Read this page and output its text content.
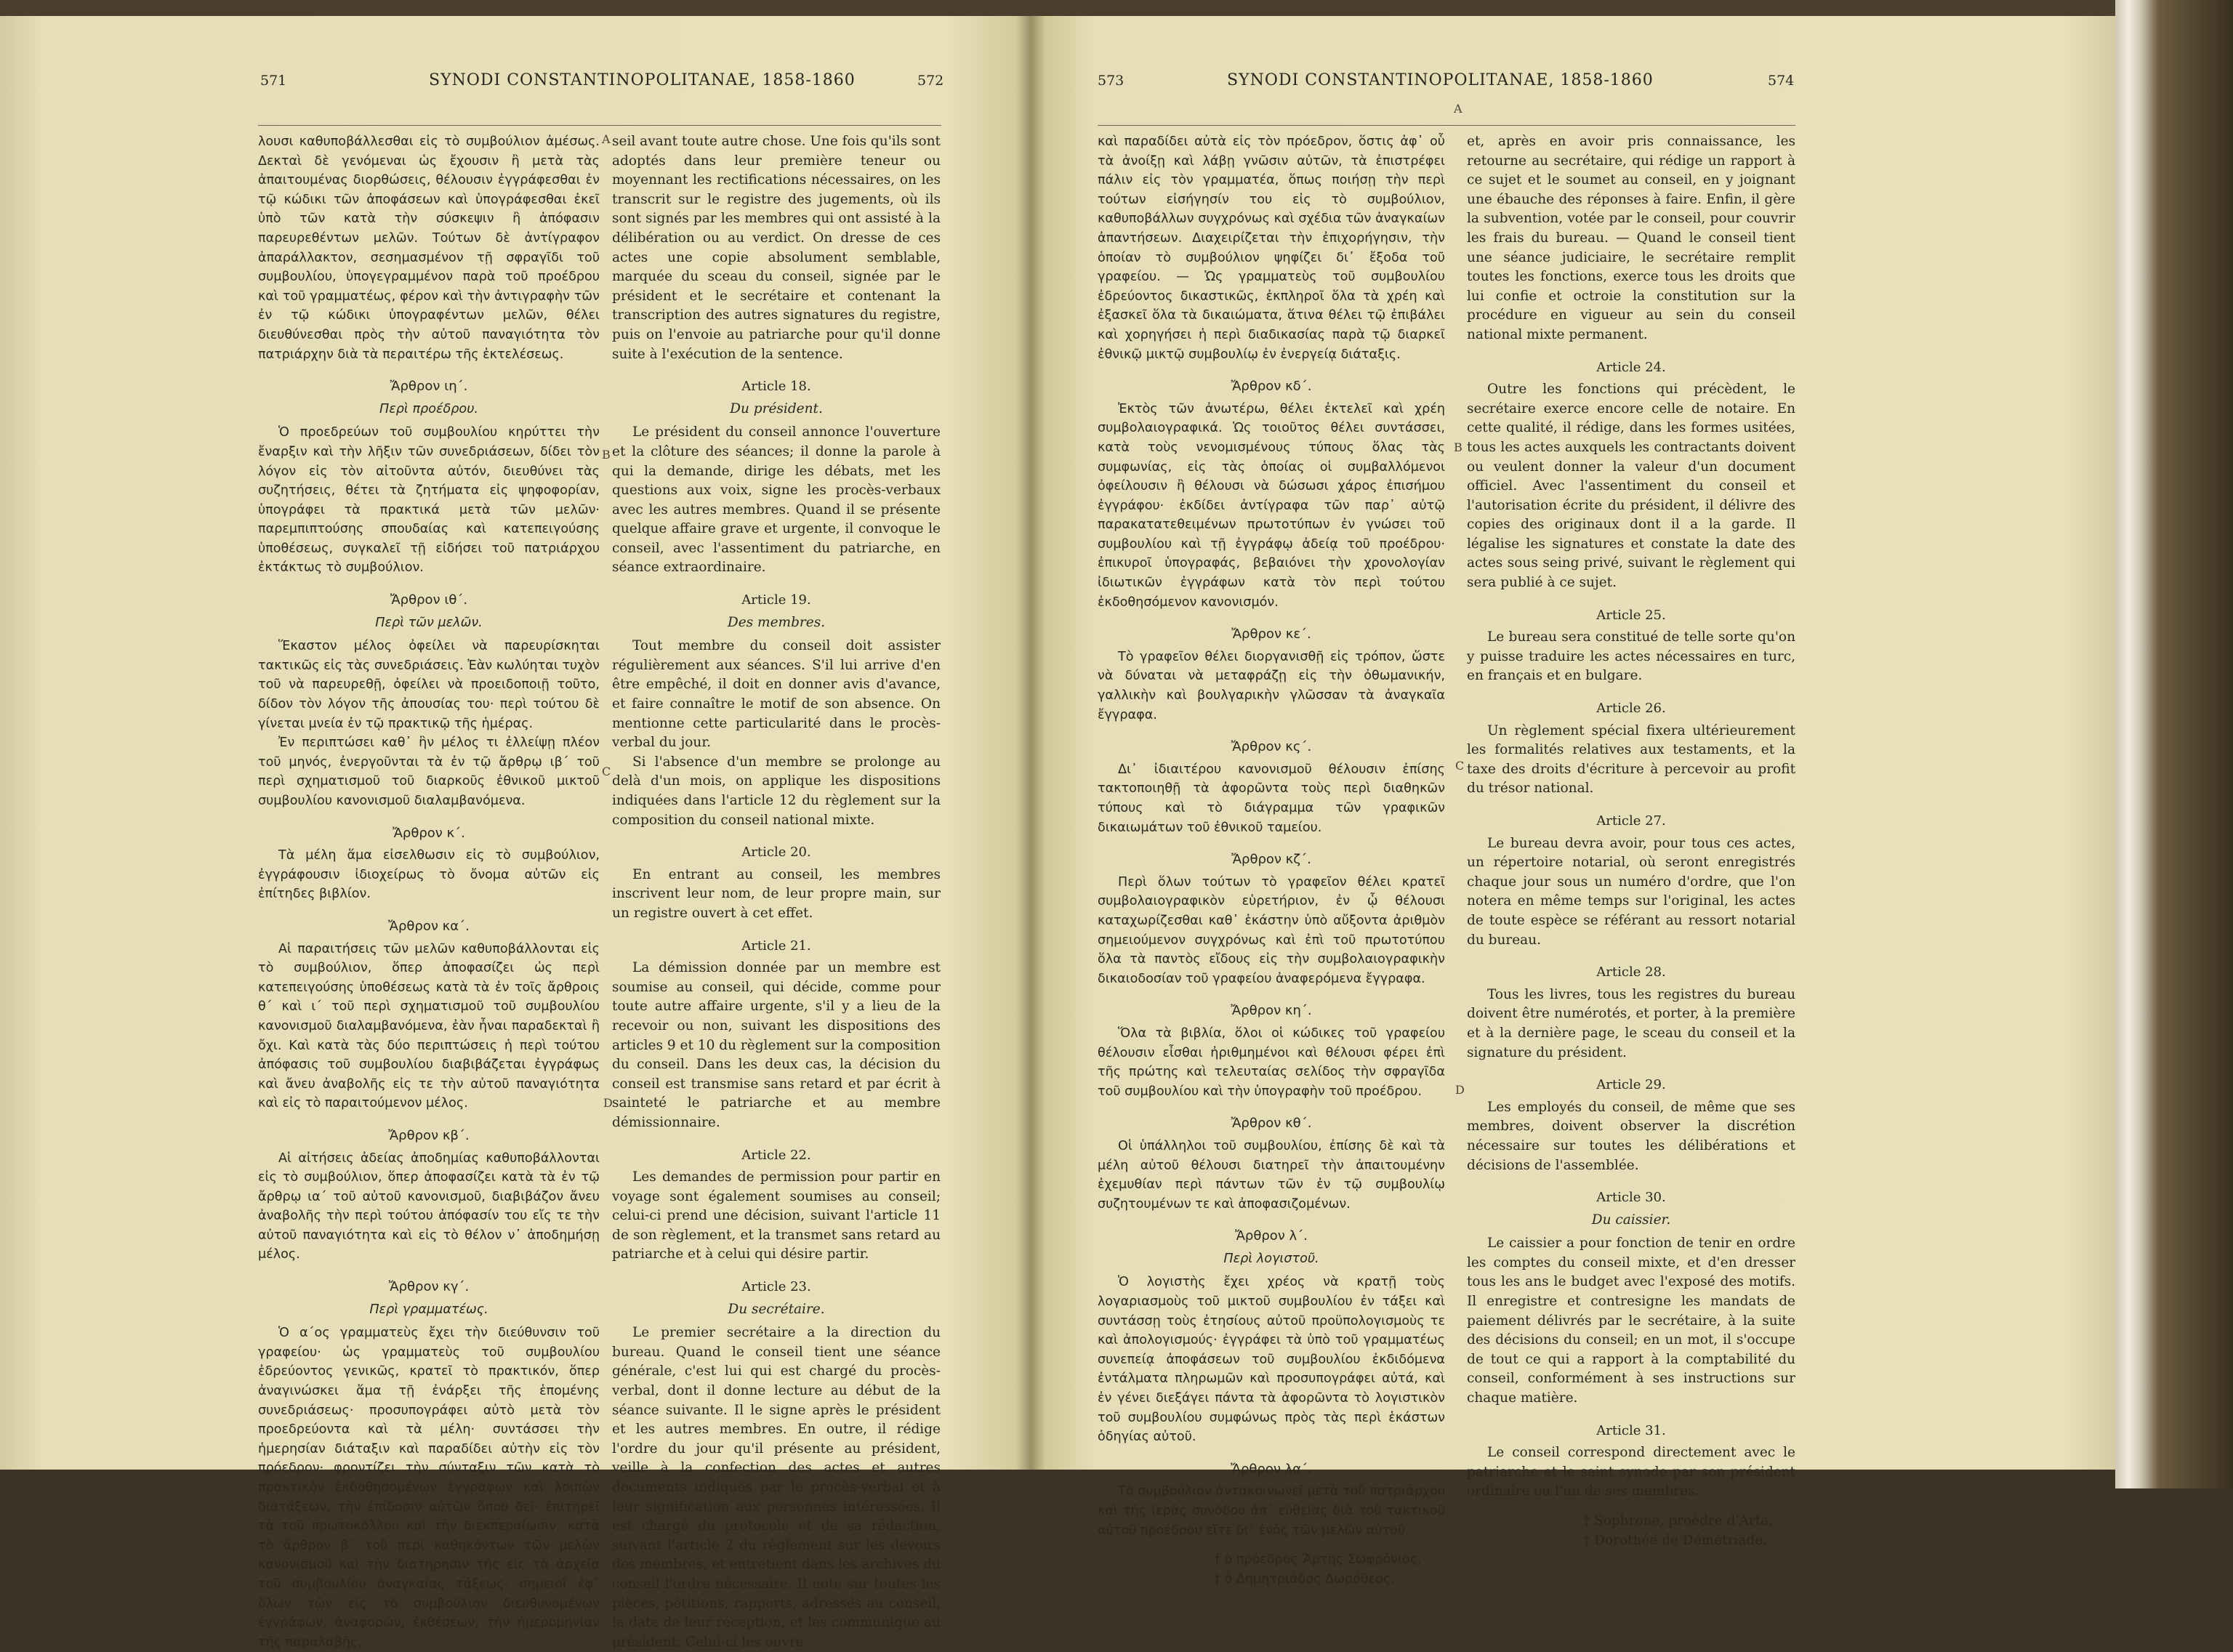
571	SYNODI CONSTANTINOPOLITANAE, 1858-1860	572

λουσι καθυποβάλλεσθαι εἰς τὸ συμβούλιον ἀμέσως. Δεκταὶ δὲ γενόμεναι ὡς ἔχουσιν ἢ μετὰ τὰς ἀπαιτουμένας διορθώσεις, θέλουσιν ἐγγράφεσθαι ἐν τῷ κώδικι τῶν ἀποφάσεων καὶ ὑπογράφεσθαι ἐκεῖ ὑπὸ τῶν κατὰ τὴν σύσκεψιν ἢ ἀπόφασιν παρευρεθέντων μελῶν. Τούτων δὲ ἀντίγραφον ἀπαράλλακτον, σεσημασμένον τῇ σφραγῖδι τοῦ συμβουλίου, ὑπογεγραμμένον παρὰ τοῦ προέδρου καὶ τοῦ γραμματέως, φέρον καὶ τὴν ἀντιγραφὴν τῶν ἐν τῷ κώδικι ὑπογραφέντων μελῶν, θέλει διευθύνεσθαι πρὸς τὴν αὐτοῦ παναγιότητα τὸν πατριάρχην διὰ τὰ περαιτέρω τῆς ἐκτελέσεως.

Ἄρθρον ιη΄.
Περὶ προέδρου.

Ὁ προεδρεύων τοῦ συμβουλίου κηρύττει τὴν ἔναρξιν καὶ τὴν λῆξιν τῶν συνεδριάσεων, δίδει τὸν λόγον εἰς τὸν αἰτοῦντα αὐτόν, διευθύνει τὰς συζητήσεις, θέτει τὰ ζητήματα εἰς ψηφοφορίαν, ὑπογράφει τὰ πρακτικά μετὰ τῶν μελῶν· παρεμπιπτούσης σπουδαίας καὶ κατεπειγούσης ὑποθέσεως, συγκαλεῖ τῇ εἰδήσει τοῦ πατριάρχου ἐκτάκτως τὸ συμβούλιον.

Ἄρθρον ιθ΄.
Περὶ τῶν μελῶν.

Ἕκαστον μέλος ὀφείλει νὰ παρευρίσκηται τακτικῶς εἰς τὰς συνεδριάσεις. Ἐὰν κωλύηται τυχὸν τοῦ νὰ παρευρεθῇ, ὀφείλει νὰ προειδοποιῇ τοῦτο, δίδον τὸν λόγον τῆς ἀπουσίας του· περὶ τούτου δὲ γίνεται μνεία ἐν τῷ πρακτικῷ τῆς ἡμέρας.

Ἐν περιπτώσει καθ᾿ ἣν μέλος τι ἐλλείψῃ πλέον τοῦ μηνός, ἐνεργοῦνται τὰ ἐν τῷ ἄρθρῳ ιβ΄ τοῦ περὶ σχηματισμοῦ τοῦ διαρκοῦς ἐθνικοῦ μικτοῦ συμβουλίου κανονισμοῦ διαλαμβανόμενα.

Ἄρθρον κ΄.

Τὰ μέλη ἅμα εἰσελθωσιν εἰς τὸ συμβούλιον, ἐγγράφουσιν ἰδιοχείρως τὸ ὄνομα αὐτῶν εἰς ἐπίτηδες βιβλίον.

Ἄρθρον κα΄.

Αἱ παραιτήσεις τῶν μελῶν καθυποβάλλονται εἰς τὸ συμβούλιον, ὅπερ ἀποφασίζει ὡς περὶ κατεπειγούσης ὑποθέσεως κατὰ τὰ ἐν τοῖς ἄρθροις θ΄ καὶ ι΄ τοῦ περὶ σχηματισμοῦ τοῦ συμβουλίου κανονισμοῦ διαλαμβανόμενα, ἐὰν ἦναι παραδεκταὶ ἢ ὄχι. Καὶ κατὰ τὰς δύο περιπτώσεις ἡ περὶ τούτου ἀπόφασις τοῦ συμβουλίου διαβιβάζεται ἐγγράφως καὶ ἄνευ ἀναβολῆς εἰς τε τὴν αὐτοῦ παναγιότητα καὶ εἰς τὸ παραιτούμενον μέλος.

Ἄρθρον κβ΄.

Αἱ αἰτήσεις ἀδείας ἀποδημίας καθυποβάλλονται εἰς τὸ συμβούλιον, ὅπερ ἀποφασίζει κατὰ τὰ ἐν τῷ ἄρθρῳ ια΄ τοῦ αὐτοῦ κανονισμοῦ, διαβιβάζον ἄνευ ἀναβολῆς τὴν περὶ τούτου ἀπόφασίν του εἴς τε τὴν αὐτοῦ παναγιότητα καὶ εἰς τὸ θέλον ν᾿ ἀποδημήσῃ μέλος.

Ἄρθρον κγ΄.
Περὶ γραμματέως.

Ὁ α΄ος γραμματεὺς ἔχει τὴν διεύθυνσιν τοῦ γραφείου· ὡς γραμματεὺς τοῦ συμβουλίου ἐδρεύοντος γενικῶς, κρατεῖ τὸ πρακτικόν, ὅπερ ἀναγινώσκει ἅμα τῇ ἐνάρξει τῆς ἑπομένης συνεδριάσεως· προσυπογράφει αὐτὸ μετὰ τὸν προεδρεύοντα καὶ τὰ μέλη· συντάσσει τὴν ἡμερησίαν διάταξιν καὶ παραδίδει αὐτὴν εἰς τὸν πρόεδρον· φροντίζει τὴν σύνταξιν τῶν κατὰ τὸ πρακτικὸν ἐκδοθησομένων ἐγγράφων καὶ λοιπῶν διατάξεων, τὴν ἐπίδοσιν αὐτῶν ὅπου δεῖ· ἐπιτηρεῖ τὰ τοῦ πρωτοκόλλου καὶ τὴν διεκπεραίωσιν, κατὰ τὸ ἄρθρον β΄ τοῦ περὶ καθηκόντων τῶν μελῶν κανονισμοῦ καὶ τὴν διατήρησιν τῆς εἰς τὰ ἀρχεῖα τοῦ συμβουλίου ἀναγκαίας τάξεως· σημειοῖ ἐφ᾿ ὅλων τῶν εἰς τὸ συμβούλιον διευθυνομένων ἐγγράφων, ἀναφορῶν, ἐκθέσεων, τὴν ἡμερομηνίαν τῆς παραλαβῆς,

seil avant toute autre chose. Une fois qu'ils sont adoptés dans leur première teneur ou moyennant les rectifications nécessaires, on les transcrit sur le registre des jugements, où ils sont signés par les membres qui ont assisté à la délibération ou au verdict. On dresse de ces actes une copie absolument semblable, marquée du sceau du conseil, signée par le président et le secrétaire et contenant la transcription des autres signatures du registre, puis on l'envoie au patriarche pour qu'il donne suite à l'exécution de la sentence.

Article 18.
Du président.

Le président du conseil annonce l'ouverture et la clôture des séances; il donne la parole à qui la demande, dirige les débats, met les questions aux voix, signe les procès-verbaux avec les autres membres. Quand il se présente quelque affaire grave et urgente, il convoque le conseil, avec l'assentiment du patriarche, en séance extraordinaire.

Article 19.
Des membres.

Tout membre du conseil doit assister régulièrement aux séances. S'il lui arrive d'en être empêché, il doit en donner avis d'avance, et faire connaître le motif de son absence. On mentionne cette particularité dans le procès-verbal du jour.

Si l'absence d'un membre se prolonge au delà d'un mois, on applique les dispositions indiquées dans l'article 12 du règlement sur la composition du conseil national mixte.

Article 20.

En entrant au conseil, les membres inscrivent leur nom, de leur propre main, sur un registre ouvert à cet effet.

Article 21.

La démission donnée par un membre est soumise au conseil, qui décide, comme pour toute autre affaire urgente, s'il y a lieu de la recevoir ou non, suivant les dispositions des articles 9 et 10 du règlement sur la composition du conseil. Dans les deux cas, la décision du conseil est transmise sans retard et par écrit à sainteté le patriarche et au membre démissionnaire.

Article 22.

Les demandes de permission pour partir en voyage sont également soumises au conseil; celui-ci prend une décision, suivant l'article 11 de son règlement, et la transmet sans retard au patriarche et à celui qui désire partir.

Article 23.
Du secrétaire.

Le premier secrétaire a la direction du bureau. Quand le conseil tient une séance générale, c'est lui qui est chargé du procès-verbal, dont il donne lecture au début de la séance suivante. Il le signe après le président et les autres membres. En outre, il rédige l'ordre du jour qu'il présente au président, veille à la confection des actes et autres documents indiqués par le procès-verbal et à leur signification aux personnes intéressées. Il est chargé du protocole et de sa rédaction, suivant l'article 2 du règlement sur les devoirs des membres, et entretient dans les archives du conseil l'ordre nécessaire. Il note sur toutes les pièces, pétitions, rapports, adressés au conseil, la date de leur réception, et les communique au président. Celui-ci les ouvre

A
B
C
D
573	SYNODI CONSTANTINOPOLITANAE, 1858-1860	574

καὶ παραδίδει αὐτὰ εἰς τὸν πρόεδρον, ὅστις ἀφ᾿ οὗ τὰ ἀνοίξῃ καὶ λάβῃ γνῶσιν αὐτῶν, τὰ ἐπιστρέφει πάλιν εἰς τὸν γραμματέα, ὅπως ποιήσῃ τὴν περὶ τούτων εἰσήγησίν του εἰς τὸ συμβούλιον, καθυποβάλλων συγχρόνως καὶ σχέδια τῶν ἀναγκαίων ἀπαντήσεων. Διαχειρίζεται τὴν ἐπιχορήγησιν, τὴν ὁποίαν τὸ συμβούλιον ψηφίζει δι᾿ ἔξοδα τοῦ γραφείου. — Ὡς γραμματεὺς τοῦ συμβουλίου ἐδρεύοντος δικαστικῶς, ἐκπληροῖ ὅλα τὰ χρέη καὶ ἐξασκεῖ ὅλα τὰ δικαιώματα, ἅτινα θέλει τῷ ἐπιβάλει καὶ χορηγήσει ἡ περὶ διαδικασίας παρὰ τῷ διαρκεῖ ἐθνικῷ μικτῷ συμβουλίῳ ἐν ἐνεργείᾳ διάταξις.

Ἄρθρον κδ΄.

Ἐκτὸς τῶν ἀνωτέρω, θέλει ἐκτελεῖ καὶ χρέη συμβολαιογραφικά. Ὡς τοιοῦτος θέλει συντάσσει, κατὰ τοὺς νενομισμένους τύπους ὅλας τὰς συμφωνίας, εἰς τὰς ὁποίας οἱ συμβαλλόμενοι ὀφείλουσιν ἢ θέλουσι νὰ δώσωσι χάρος ἐπισήμου ἐγγράφου· ἐκδίδει ἀντίγραφα τῶν παρ᾿ αὐτῷ παρακατατεθειμένων πρωτοτύπων ἐν γνώσει τοῦ συμβουλίου καὶ τῇ ἐγγράφῳ ἀδείᾳ τοῦ προέδρου· ἐπικυροῖ ὑπογραφάς, βεβαιόνει τὴν χρονολογίαν ἰδιωτικῶν ἐγγράφων κατὰ τὸν περὶ τούτου ἐκδοθησόμενον κανονισμόν.

Ἄρθρον κε΄.

Τὸ γραφεῖον θέλει διοργανισθῇ εἰς τρόπον, ὥστε νὰ δύναται νὰ μεταφράζῃ εἰς τὴν ὀθωμανικήν, γαλλικὴν καὶ βουλγαρικὴν γλῶσσαν τὰ ἀναγκαῖα ἔγγραφα.

Ἄρθρον κς΄.

Δι᾿ ἰδιαιτέρου κανονισμοῦ θέλουσιν ἐπίσης τακτοποιηθῇ τὰ ἀφορῶντα τοὺς περὶ διαθηκῶν τύπους καὶ τὸ διάγραμμα τῶν γραφικῶν δικαιωμάτων τοῦ ἐθνικοῦ ταμείου.

Ἄρθρον κζ΄.

Περὶ ὅλων τούτων τὸ γραφεῖον θέλει κρατεῖ συμβολαιογραφικὸν εὑρετήριον, ἐν ᾧ θέλουσι καταχωρίζεσθαι καθ᾿ ἑκάστην ὑπὸ αὔξοντα ἀριθμὸν σημειούμενον συγχρόνως καὶ ἐπὶ τοῦ πρωτοτύπου ὅλα τὰ παντὸς εἴδους εἰς τὴν συμβολαιογραφικὴν δικαιοδοσίαν τοῦ γραφείου ἀναφερόμενα ἔγγραφα.

Ἄρθρον κη΄.

Ὅλα τὰ βιβλία, ὅλοι οἱ κώδικες τοῦ γραφείου θέλουσιν εἶσθαι ἠριθμημένοι καὶ θέλουσι φέρει ἐπὶ τῆς πρώτης καὶ τελευταίας σελίδος τὴν σφραγῖδα τοῦ συμβουλίου καὶ τὴν ὑπογραφὴν τοῦ προέδρου.

Ἄρθρον κθ΄.

Οἱ ὑπάλληλοι τοῦ συμβουλίου, ἐπίσης δὲ καὶ τὰ μέλη αὐτοῦ θέλουσι διατηρεῖ τὴν ἀπαιτουμένην ἐχεμυθίαν περὶ πάντων τῶν ἐν τῷ συμβουλίῳ συζητουμένων τε καὶ ἀποφασιζομένων.

Ἄρθρον λ΄.
Περὶ λογιστοῦ.

Ὁ λογιστὴς ἔχει χρέος νὰ κρατῇ τοὺς λογαριασμοὺς τοῦ μικτοῦ συμβουλίου ἐν τάξει καὶ συντάσσῃ τοὺς ἐτησίους αὐτοῦ προϋπολογισμοὺς τε καὶ ἀπολογισμούς· ἐγγράφει τὰ ὑπὸ τοῦ γραμματέως συνεπείᾳ ἀποφάσεων τοῦ συμβουλίου ἐκδιδόμενα ἐντάλματα πληρωμῶν καὶ προσυπογράφει αὐτά, καὶ ἐν γένει διεξάγει πάντα τὰ ἀφορῶντα τὸ λογιστικὸν τοῦ συμβουλίου συμφώνως πρὸς τὰς περὶ ἑκάστων ὁδηγίας αὐτοῦ.

Ἄρθρον λα΄.

Τὸ συμβούλιον ἀντακοινωνεῖ μετὰ τοῦ πατριάρχου καὶ τῆς ἱερᾶς συνόδου ἀπ᾿ εὐθείας διὰ τοῦ τακτικοῦ αὐτοῦ προέδρου εἴτε δι᾿ ἑνὸς τῶν μελῶν αὐτοῦ.

† ὁ πρόεδρος Ἄρτης Σωφρόνιος.
† ὁ Δημητριάδος Δωρόθεος.

et, après en avoir pris connaissance, les retourne au secrétaire, qui rédige un rapport à ce sujet et le soumet au conseil, en y joignant une ébauche des réponses à faire. Enfin, il gère la subvention, votée par le conseil, pour couvrir les frais du bureau. — Quand le conseil tient une séance judiciaire, le secrétaire remplit toutes les fonctions, exerce tous les droits que lui confie et octroie la constitution sur la procédure en vigueur au sein du conseil national mixte permanent.

Article 24.

Outre les fonctions qui précèdent, le secrétaire exerce encore celle de notaire. En cette qualité, il rédige, dans les formes usitées, tous les actes auxquels les contractants doivent ou veulent donner la valeur d'un document officiel. Avec l'assentiment du conseil et l'autorisation écrite du président, il délivre des copies des originaux dont il a la garde. Il légalise les signatures et constate la date des actes sous seing privé, suivant le règlement qui sera publié à ce sujet.

Article 25.

Le bureau sera constitué de telle sorte qu'on y puisse traduire les actes nécessaires en turc, en français et en bulgare.

Article 26.

Un règlement spécial fixera ultérieurement les formalités relatives aux testaments, et la taxe des droits d'écriture à percevoir au profit du trésor national.

Article 27.

Le bureau devra avoir, pour tous ces actes, un répertoire notarial, où seront enregistrés chaque jour sous un numéro d'ordre, que l'on notera en même temps sur l'original, les actes de toute espèce se référant au ressort notarial du bureau.

Article 28.

Tous les livres, tous les registres du bureau doivent être numérotés, et porter, à la première et à la dernière page, le sceau du conseil et la signature du président.

Article 29.

Les employés du conseil, de même que ses membres, doivent observer la discrétion nécessaire sur toutes les délibérations et décisions de l'assemblée.

Article 30.
Du caissier.

Le caissier a pour fonction de tenir en ordre les comptes du conseil mixte, et d'en dresser tous les ans le budget avec l'exposé des motifs. Il enregistre et contresigne les mandats de paiement délivrés par le secrétaire, à la suite des décisions du conseil; en un mot, il s'occupe de tout ce qui a rapport à la comptabilité du conseil, conformément à ses instructions sur chaque matière.

Article 31.

Le conseil correspond directement avec le patriarche et le saint synode par son président ordinaire ou l'un de ses membres.

† Sophrone, proèdre d'Arta.
† Dorothée de Démétriade.
A
B
C
D
